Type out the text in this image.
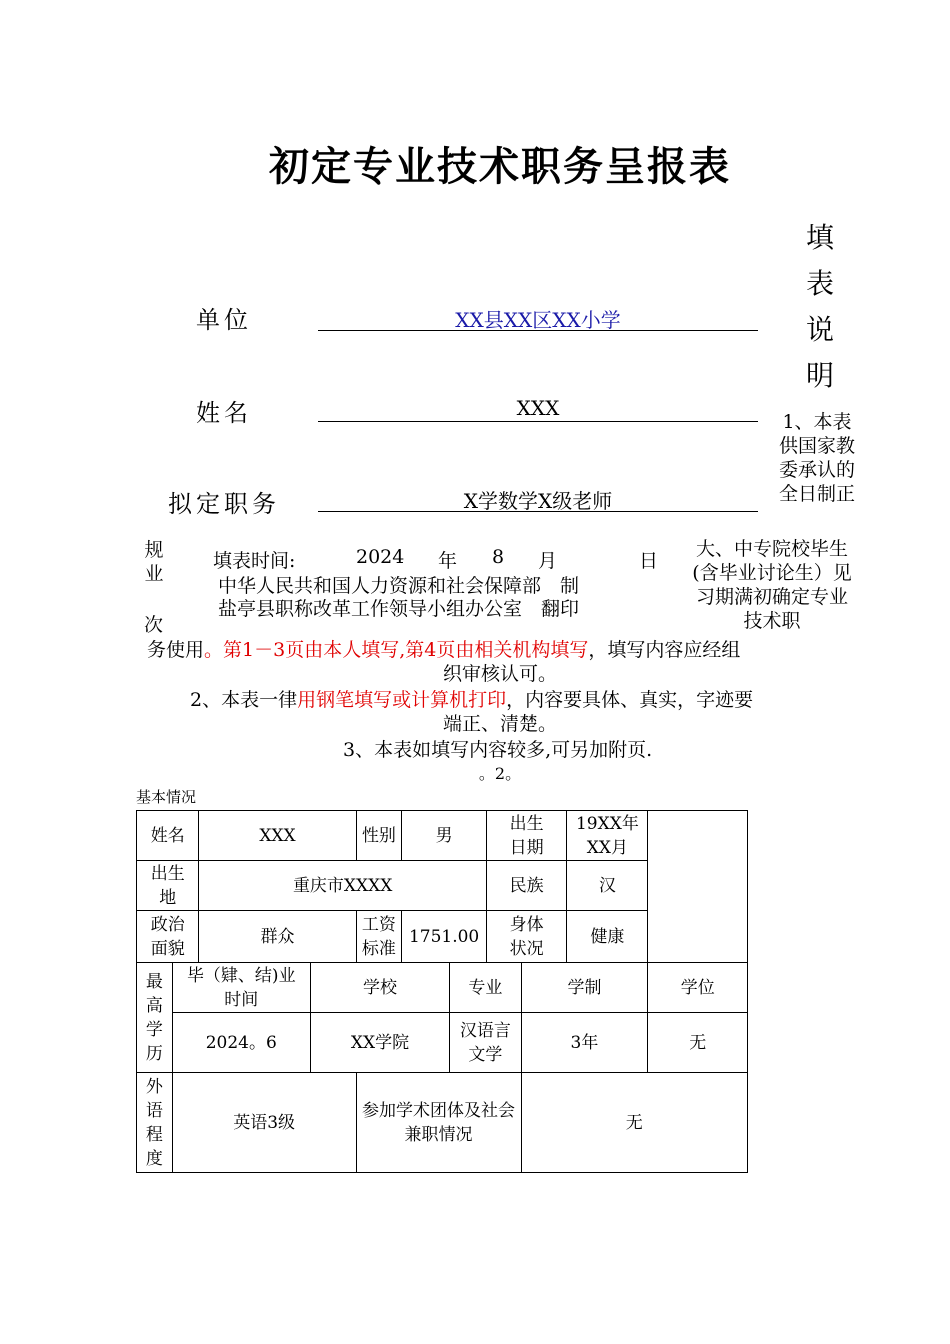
初定专业技术职务呈报表
单位	XX县XX区XX小学
姓名	XXX
拟定职务	X学数学X级老师
填表说明
1、本表供国家教委承认的全日制正
大、中专院校毕生(含毕业讨论生）见习期满初确定专业技术职
规业
次
填表时间:	2024 年 8 月	日
中华人民共和国人力资源和社会保障部　制
盐亭县职称改革工作领导小组办公室　翻印
务使用。第1－3页由本人填写,第4页由相关机构填写，填写内容应经组
织审核认可。
2、本表一律用钢笔填写或计算机打印，内容要具体、真实，字迹要
端正、清楚。
3、本表如填写内容较多,可另加附页.
。2。
基本情况
姓名		XXX		性别	男		出生日期		19XX年XX月	

出生地		重庆市XXXX					民族		汉	

政治面貌		群众		工资标准	1751.00		身体状况		健康	

最高学历	毕（肄、结)业时间		学校			专业		学制		学位
	2024。6		XX学院			汉语言文学		3年		无

外语程度	英语3级			参加学术团体及社会兼职情况				无		
